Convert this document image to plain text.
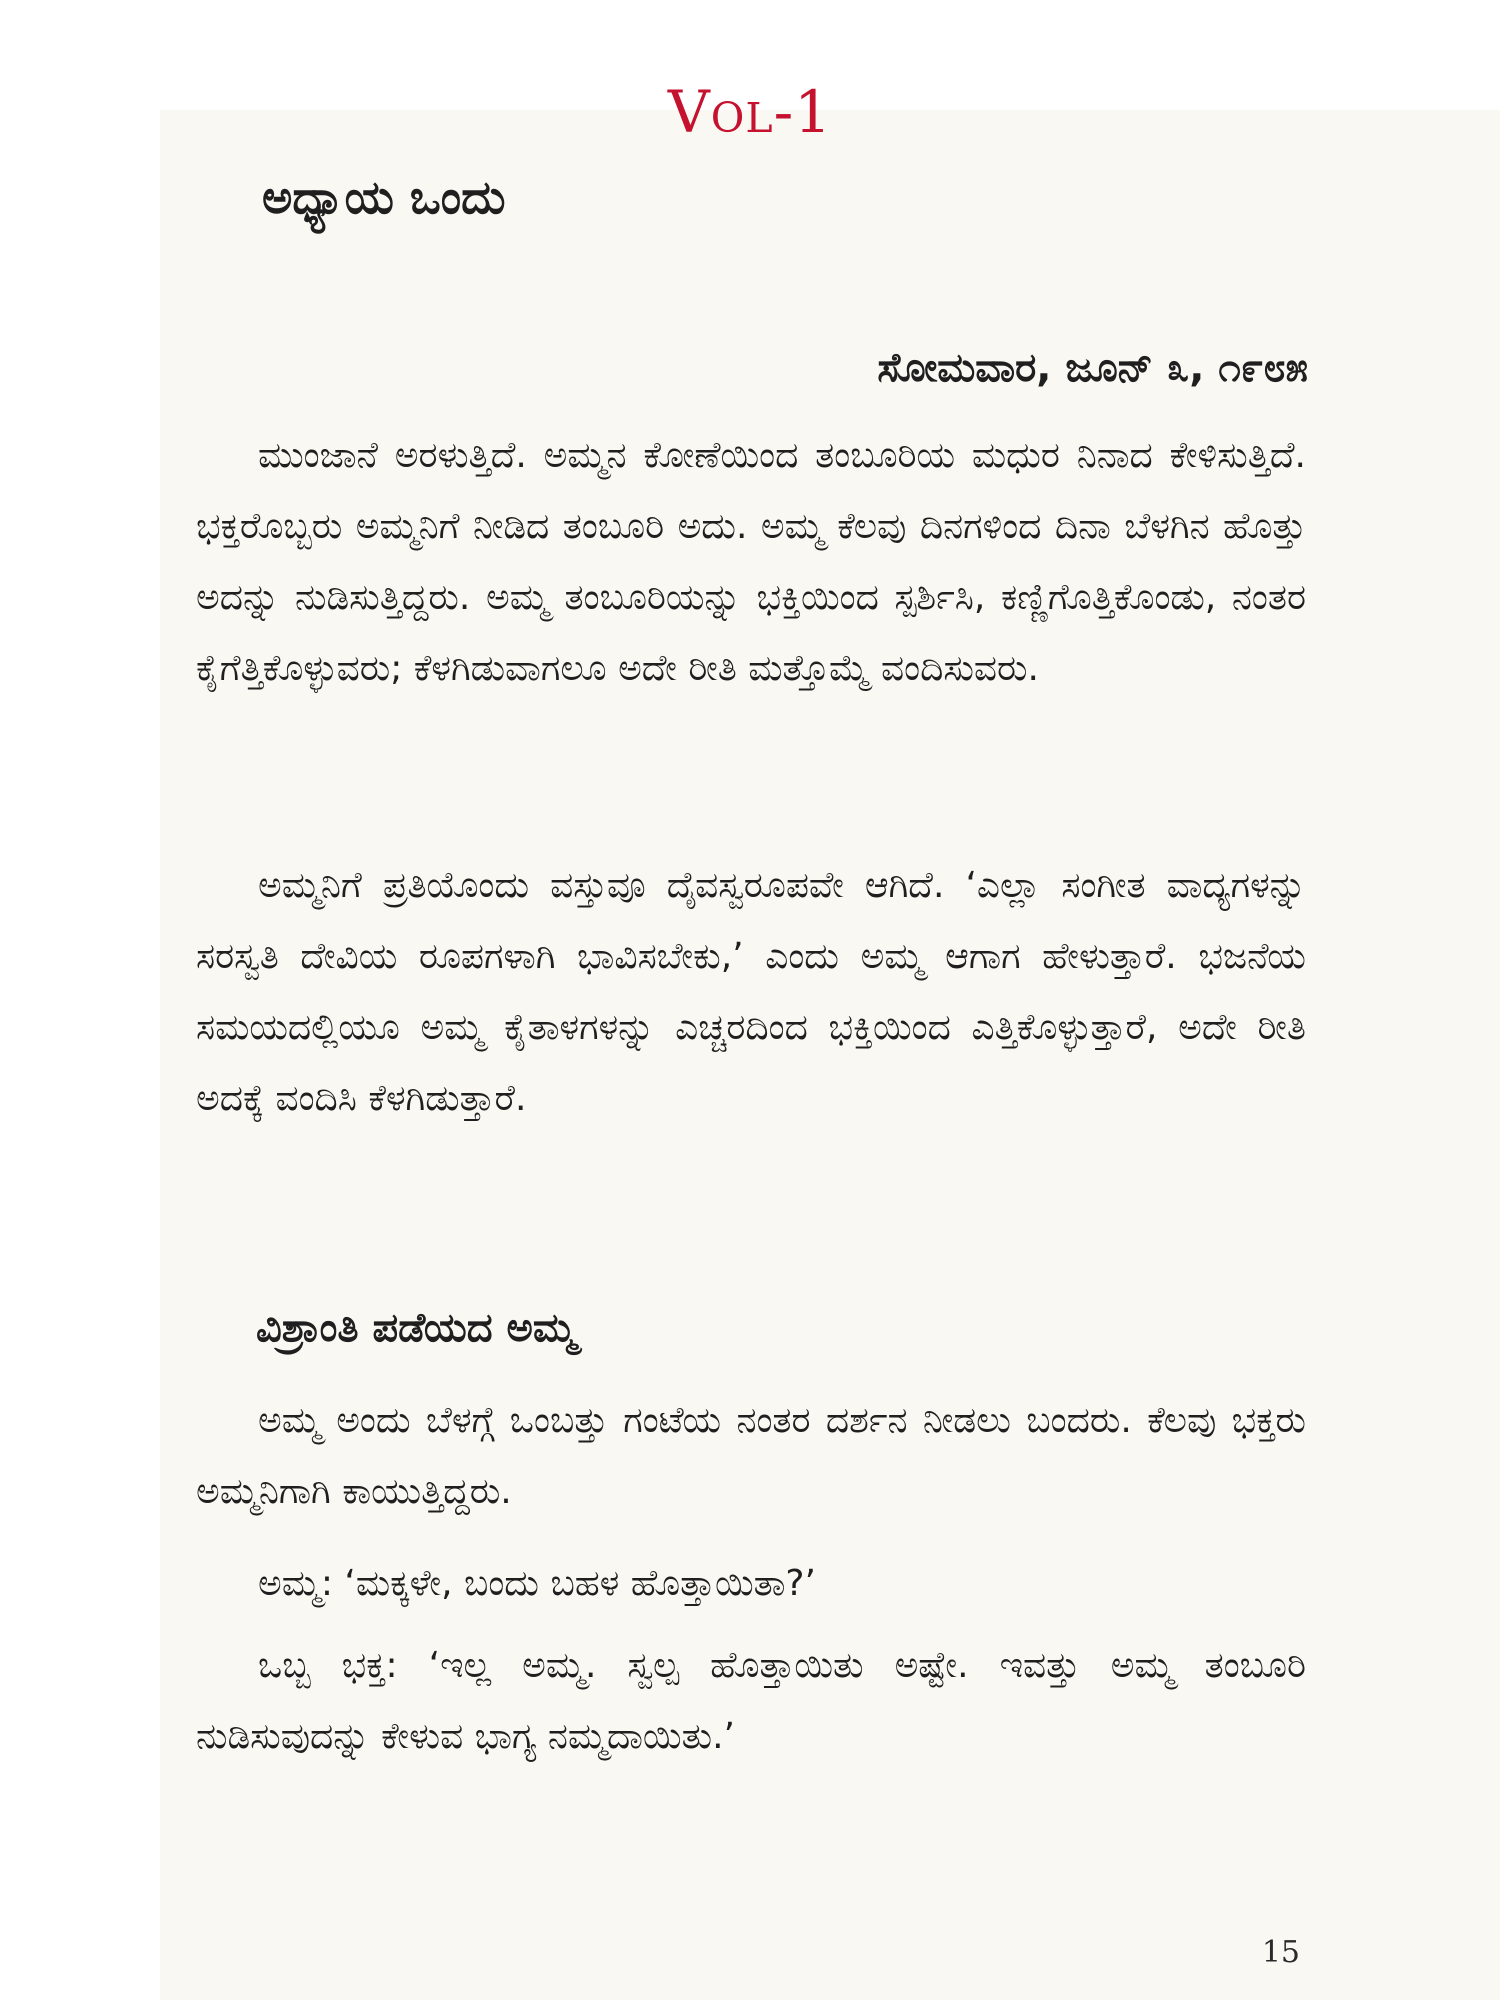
Vol-1
ಅಧ್ಯಾಯ ಒಂದು
ಸೋಮವಾರ, ಜೂನ್ ೩, ೧೯೮೫

ಮುಂಜಾನೆ ಅರಳುತ್ತಿದೆ. ಅಮ್ಮನ ಕೋಣೆಯಿಂದ ತಂಬೂರಿಯ ಮಧುರ ನಿನಾದ ಕೇಳಿಸುತ್ತಿದೆ. ಭಕ್ತರೊಬ್ಬರು ಅಮ್ಮನಿಗೆ ನೀಡಿದ ತಂಬೂರಿ ಅದು. ಅಮ್ಮ ಕೆಲವು ದಿನಗಳಿಂದ ದಿನಾ ಬೆಳಗಿನ ಹೊತ್ತು ಅದನ್ನು ನುಡಿಸುತ್ತಿದ್ದರು. ಅಮ್ಮ ತಂಬೂರಿಯನ್ನು ಭಕ್ತಿಯಿಂದ ಸ್ಪರ್ಶಿಸಿ, ಕಣ್ಣಿಗೊತ್ತಿಕೊಂಡು, ನಂತರ ಕೈಗೆತ್ತಿಕೊಳ್ಳುವರು; ಕೆಳಗಿಡುವಾಗಲೂ ಅದೇ ರೀತಿ ಮತ್ತೊಮ್ಮೆ ವಂದಿಸುವರು.

ಅಮ್ಮನಿಗೆ ಪ್ರತಿಯೊಂದು ವಸ್ತುವೂ ದೈವಸ್ವರೂಪವೇ ಆಗಿದೆ. ‘ಎಲ್ಲಾ ಸಂಗೀತ ವಾದ್ಯಗಳನ್ನು ಸರಸ್ವತಿ ದೇವಿಯ ರೂಪಗಳಾಗಿ ಭಾವಿಸಬೇಕು,’ ಎಂದು ಅಮ್ಮ ಆಗಾಗ ಹೇಳುತ್ತಾರೆ. ಭಜನೆಯ ಸಮಯದಲ್ಲಿಯೂ ಅಮ್ಮ ಕೈತಾಳಗಳನ್ನು ಎಚ್ಚರದಿಂದ ಭಕ್ತಿಯಿಂದ ಎತ್ತಿಕೊಳ್ಳುತ್ತಾರೆ, ಅದೇ ರೀತಿ ಅದಕ್ಕೆ ವಂದಿಸಿ ಕೆಳಗಿಡುತ್ತಾರೆ.

ವಿಶ್ರಾಂತಿ ಪಡೆಯದ ಅಮ್ಮ

ಅಮ್ಮ ಅಂದು ಬೆಳಗ್ಗೆ ಒಂಬತ್ತು ಗಂಟೆಯ ನಂತರ ದರ್ಶನ ನೀಡಲು ಬಂದರು. ಕೆಲವು ಭಕ್ತರು ಅಮ್ಮನಿಗಾಗಿ ಕಾಯುತ್ತಿದ್ದರು.

ಅಮ್ಮ: ‘ಮಕ್ಕಳೇ, ಬಂದು ಬಹಳ ಹೊತ್ತಾಯಿತಾ?’

ಒಬ್ಬ ಭಕ್ತ: ‘ಇಲ್ಲ ಅಮ್ಮ. ಸ್ವಲ್ಪ ಹೊತ್ತಾಯಿತು ಅಷ್ಟೇ. ಇವತ್ತು ಅಮ್ಮ ತಂಬೂರಿ ನುಡಿಸುವುದನ್ನು ಕೇಳುವ ಭಾಗ್ಯ ನಮ್ಮದಾಯಿತು.’

15
